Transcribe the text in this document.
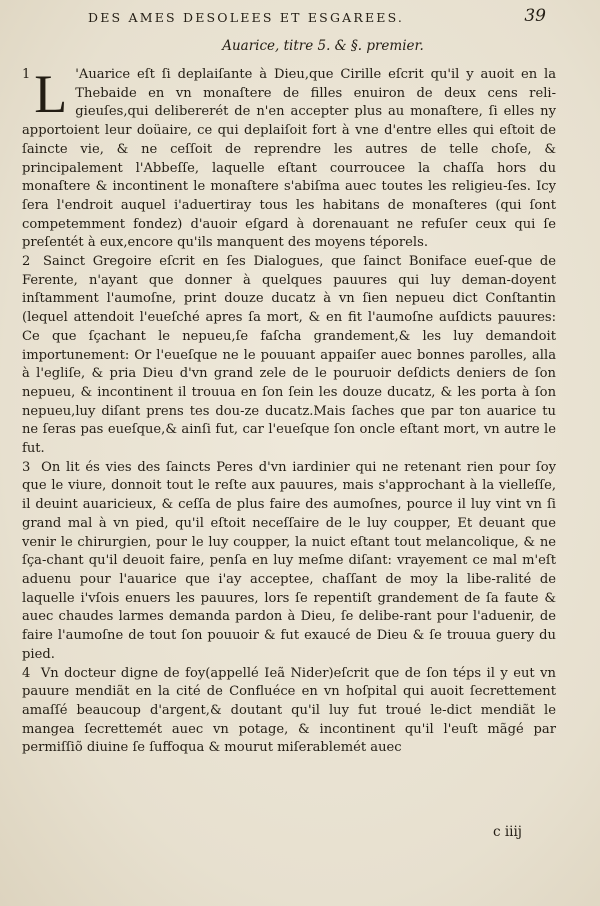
DES AMES DESOLEES ET ESGAREES.	39
Auarice, titre 5. & §. premier.

1 L 'Auarice eſt ſi deplaiſante à Dieu,que Cirille eſcrit qu'il y auoit en la Thebaide en vn monaſtere de filles enuiron de deux cens reli-gieuſes,qui delibererét de n'en accepter plus au monaſtere, ſi elles ny apportoient leur doüaire, ce qui deplaiſoit fort à vne d'entre elles qui eſtoit de ſaincte vie, & ne ceſſoit de reprendre les autres de telle choſe, & principalement l'Abbeſſe, laquelle eſtant courroucee la chaſſa hors du monaſtere & incontinent le monaſtere s'abiſma auec toutes les religieu-ſes. Icy ſera l'endroit auquel i'aduertiray tous les habitans de monaſteres (qui ſont competemment fondez) d'auoir eſgard à dorenauant ne refuſer ceux qui ſe preſentét à eux,encore qu'ils manquent des moyens téporels.

2 Sainct Gregoire eſcrit en ſes Dialogues, que ſainct Boniface eueſ-que de Ferente, n'ayant que donner à quelques pauures qui luy deman-doyent inſtamment l'aumoſne, print douze ducatz à vn ſien nepueu dict Conſtantin (lequel attendoit l'eueſché apres ſa mort, & en fit l'aumoſne auſdicts pauures: Ce que ſçachant le nepueu,ſe faſcha grandement,& les luy demandoit importunement: Or l'eueſque ne le pouuant appaiſer auec bonnes parolles, alla à l'egliſe, & pria Dieu d'vn grand zele de le pouruoir deſdicts deniers de ſon nepueu, & incontinent il trouua en ſon ſein les douze ducatz, & les porta à ſon nepueu,luy diſant prens tes dou-ze ducatz.Mais ſaches que par ton auarice tu ne ſeras pas eueſque,& ainſi fut, car l'eueſque ſon oncle eſtant mort, vn autre le fut.

3 On lit és vies des ſaincts Peres d'vn iardinier qui ne retenant rien pour ſoy que le viure, donnoit tout le reſte aux pauures, mais s'approchant à la vielleſſe, il deuint auaricieux, & ceſſa de plus faire des aumoſnes, pource il luy vint vn ſi grand mal à vn pied, qu'il eſtoit neceſſaire de le luy coupper, Et deuant que venir le chirurgien, pour le luy coupper, la nuict eſtant tout melancolique, & ne ſça-chant qu'il deuoit faire, penſa en luy meſme diſant: vrayement ce mal m'eſt aduenu pour l'auarice que i'ay acceptee, chaſſant de moy la libe-ralité de laquelle i'vſois enuers les pauures, lors ſe repentiſt grandement de ſa faute & auec chaudes larmes demanda pardon à Dieu, ſe delibe-rant pour l'aduenir, de faire l'aumoſne de tout ſon pouuoir & fut exaucé de Dieu & ſe trouua guery du pied.

4 Vn docteur digne de foy(appellé Ieã Nider)eſcrit que de ſon téps il y eut vn pauure mendiãt en la cité de Confluéce en vn hoſpital qui auoit ſecrettement amaſſé beaucoup d'argent,& doutant qu'il luy fut troué le-dict mendiãt le mangea ſecrettemét auec vn potage, & incontinent qu'il l'euſt mãgé par permiſſiõ diuine ſe ſuffoqua & mourut miſerablemét auec

c iiij
